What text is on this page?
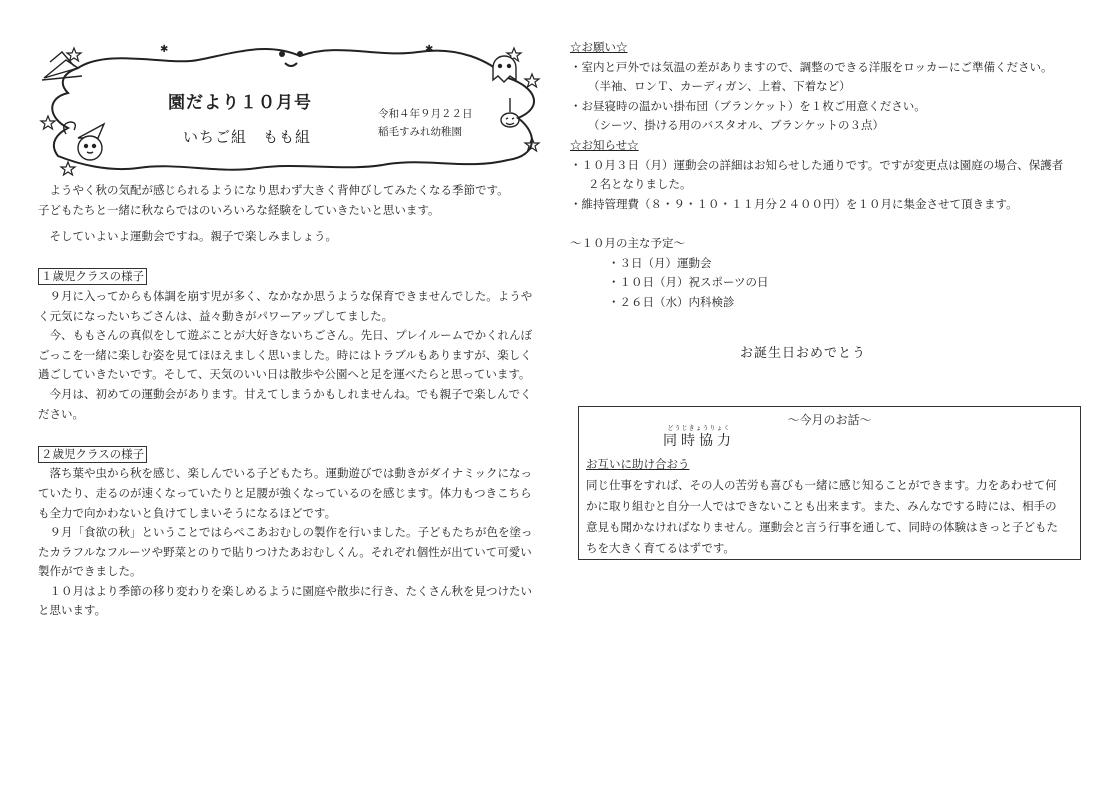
✱
✱
園だより１０月号
いちご組　もも組
令和４年９月２２日
稲毛すみれ幼稚園

ようやく秋の気配が感じられるようになり思わず大きく背伸びしてみたくなる季節です。

子どもたちと一緒に秋ならではのいろいろな経験をしていきたいと思います。

そしていよいよ運動会ですね。親子で楽しみましょう。

１歳児クラスの様子

９月に入ってからも体調を崩す児が多く、なかなか思うような保育できませんでした。ようや

く元気になったいちごさんは、益々動きがパワーアップしてました。

今、ももさんの真似をして遊ぶことが大好きないちごさん。先日、プレイルームでかくれんぼ

ごっこを一緒に楽しむ姿を見てほほえましく思いました。時にはトラブルもありますが、楽しく

過ごしていきたいです。そして、天気のいい日は散歩や公園へと足を運べたらと思っています。

今月は、初めての運動会があります。甘えてしまうかもしれませんね。でも親子で楽しんでく

ださい。

２歳児クラスの様子

落ち葉や虫から秋を感じ、楽しんでいる子どもたち。運動遊びでは動きがダイナミックになっ

ていたり、走るのが速くなっていたりと足腰が強くなっているのを感じます。体力もつきこちら

も全力で向かわないと負けてしまいそうになるほどです。

９月「食欲の秋」ということではらぺこあおむしの製作を行いました。子どもたちが色を塗っ

たカラフルなフルーツや野菜とのりで貼りつけたあおむしくん。それぞれ個性が出ていて可愛い

製作ができました。

１０月はより季節の移り変わりを楽しめるように園庭や散歩に行き、たくさん秋を見つけたい

と思います。

☆お願い☆

・室内と戸外では気温の差がありますので、調整のできる洋服をロッカーにご準備ください。

（半袖、ロンＴ、カーディガン、上着、下着など）

・お昼寝時の温かい掛布団（ブランケット）を１枚ご用意ください。

（シーツ、掛ける用のバスタオル、ブランケットの３点）

☆お知らせ☆

・１０月３日（月）運動会の詳細はお知らせした通りです。ですが変更点は園庭の場合、保護者

２名となりました。

・維持管理費（８・９・１０・１１月分２４００円）を１０月に集金させて頂きます。

～１０月の主な予定～

・３日（月）運動会

・１０日（月）祝スポーツの日

・２６日（水）内科検診

お誕生日おめでとう
～今月のお話～
どうじきょうりょく
同時協力
お互いに助け合おう
同じ仕事をすれば、その人の苦労も喜びも一緒に感じ知ることができます。力をあわせて何
かに取り組むと自分一人ではできないことも出来ます。また、みんなでする時には、相手の
意見も聞かなければなりません。運動会と言う行事を通して、同時の体験はきっと子どもた
ちを大きく育てるはずです。
